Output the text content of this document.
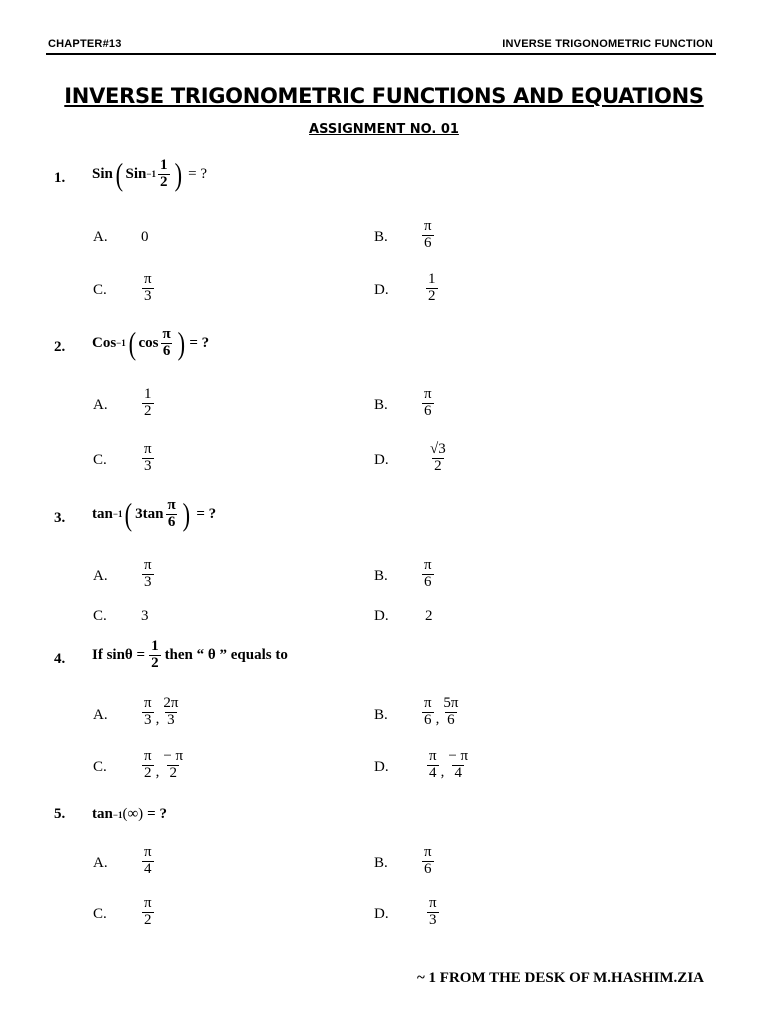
CHAPTER#13	INVERSE TRIGONOMETRIC FUNCTION
INVERSE TRIGONOMETRIC FUNCTIONS AND EQUATIONS
ASSIGNMENT NO. 01
1. Sin ( Sin $-1 \frac{1}{2}$ ) = ?
A. 0	B. $\frac{\pi}{6}$
C. $\frac{\pi}{3}$	D. $\frac{1}{2}$
2. Cos −1 ( $\cos \frac{\pi}{6}$ ) = ?
A. $\frac{1}{2}$	B. $\frac{\pi}{6}$
C. $\frac{\pi}{3}$	D.	$\frac{√3}{2}$
3. tan −1 ( $3\tan \frac{\pi}{6}$ ) = ?
A. $\frac{\pi}{3}$	B. $\frac{\pi}{6}$
C. 3	D. 2
4. If $\sin\theta = \frac{1}{2}$ then “ θ ” equals to
A. $\frac{\pi}{3}$ , $\frac{2\pi}{3}$	B. $\frac{\pi}{6}$ , $\frac{5\pi}{6}$
C. $\frac{\pi}{2}$ , $\frac{- \pi}{2}$	D.	$\frac{\pi}{4}$ , $\frac{- \pi}{4}$
5. tan −1 (∞) = ?
A. $\frac{\pi}{4}$	B. $\frac{\pi}{6}$
C. $\frac{\pi}{2}$	D.	$\frac{\pi}{3}$
~ 1 FROM THE DESK OF M.HASHIM.ZIA
